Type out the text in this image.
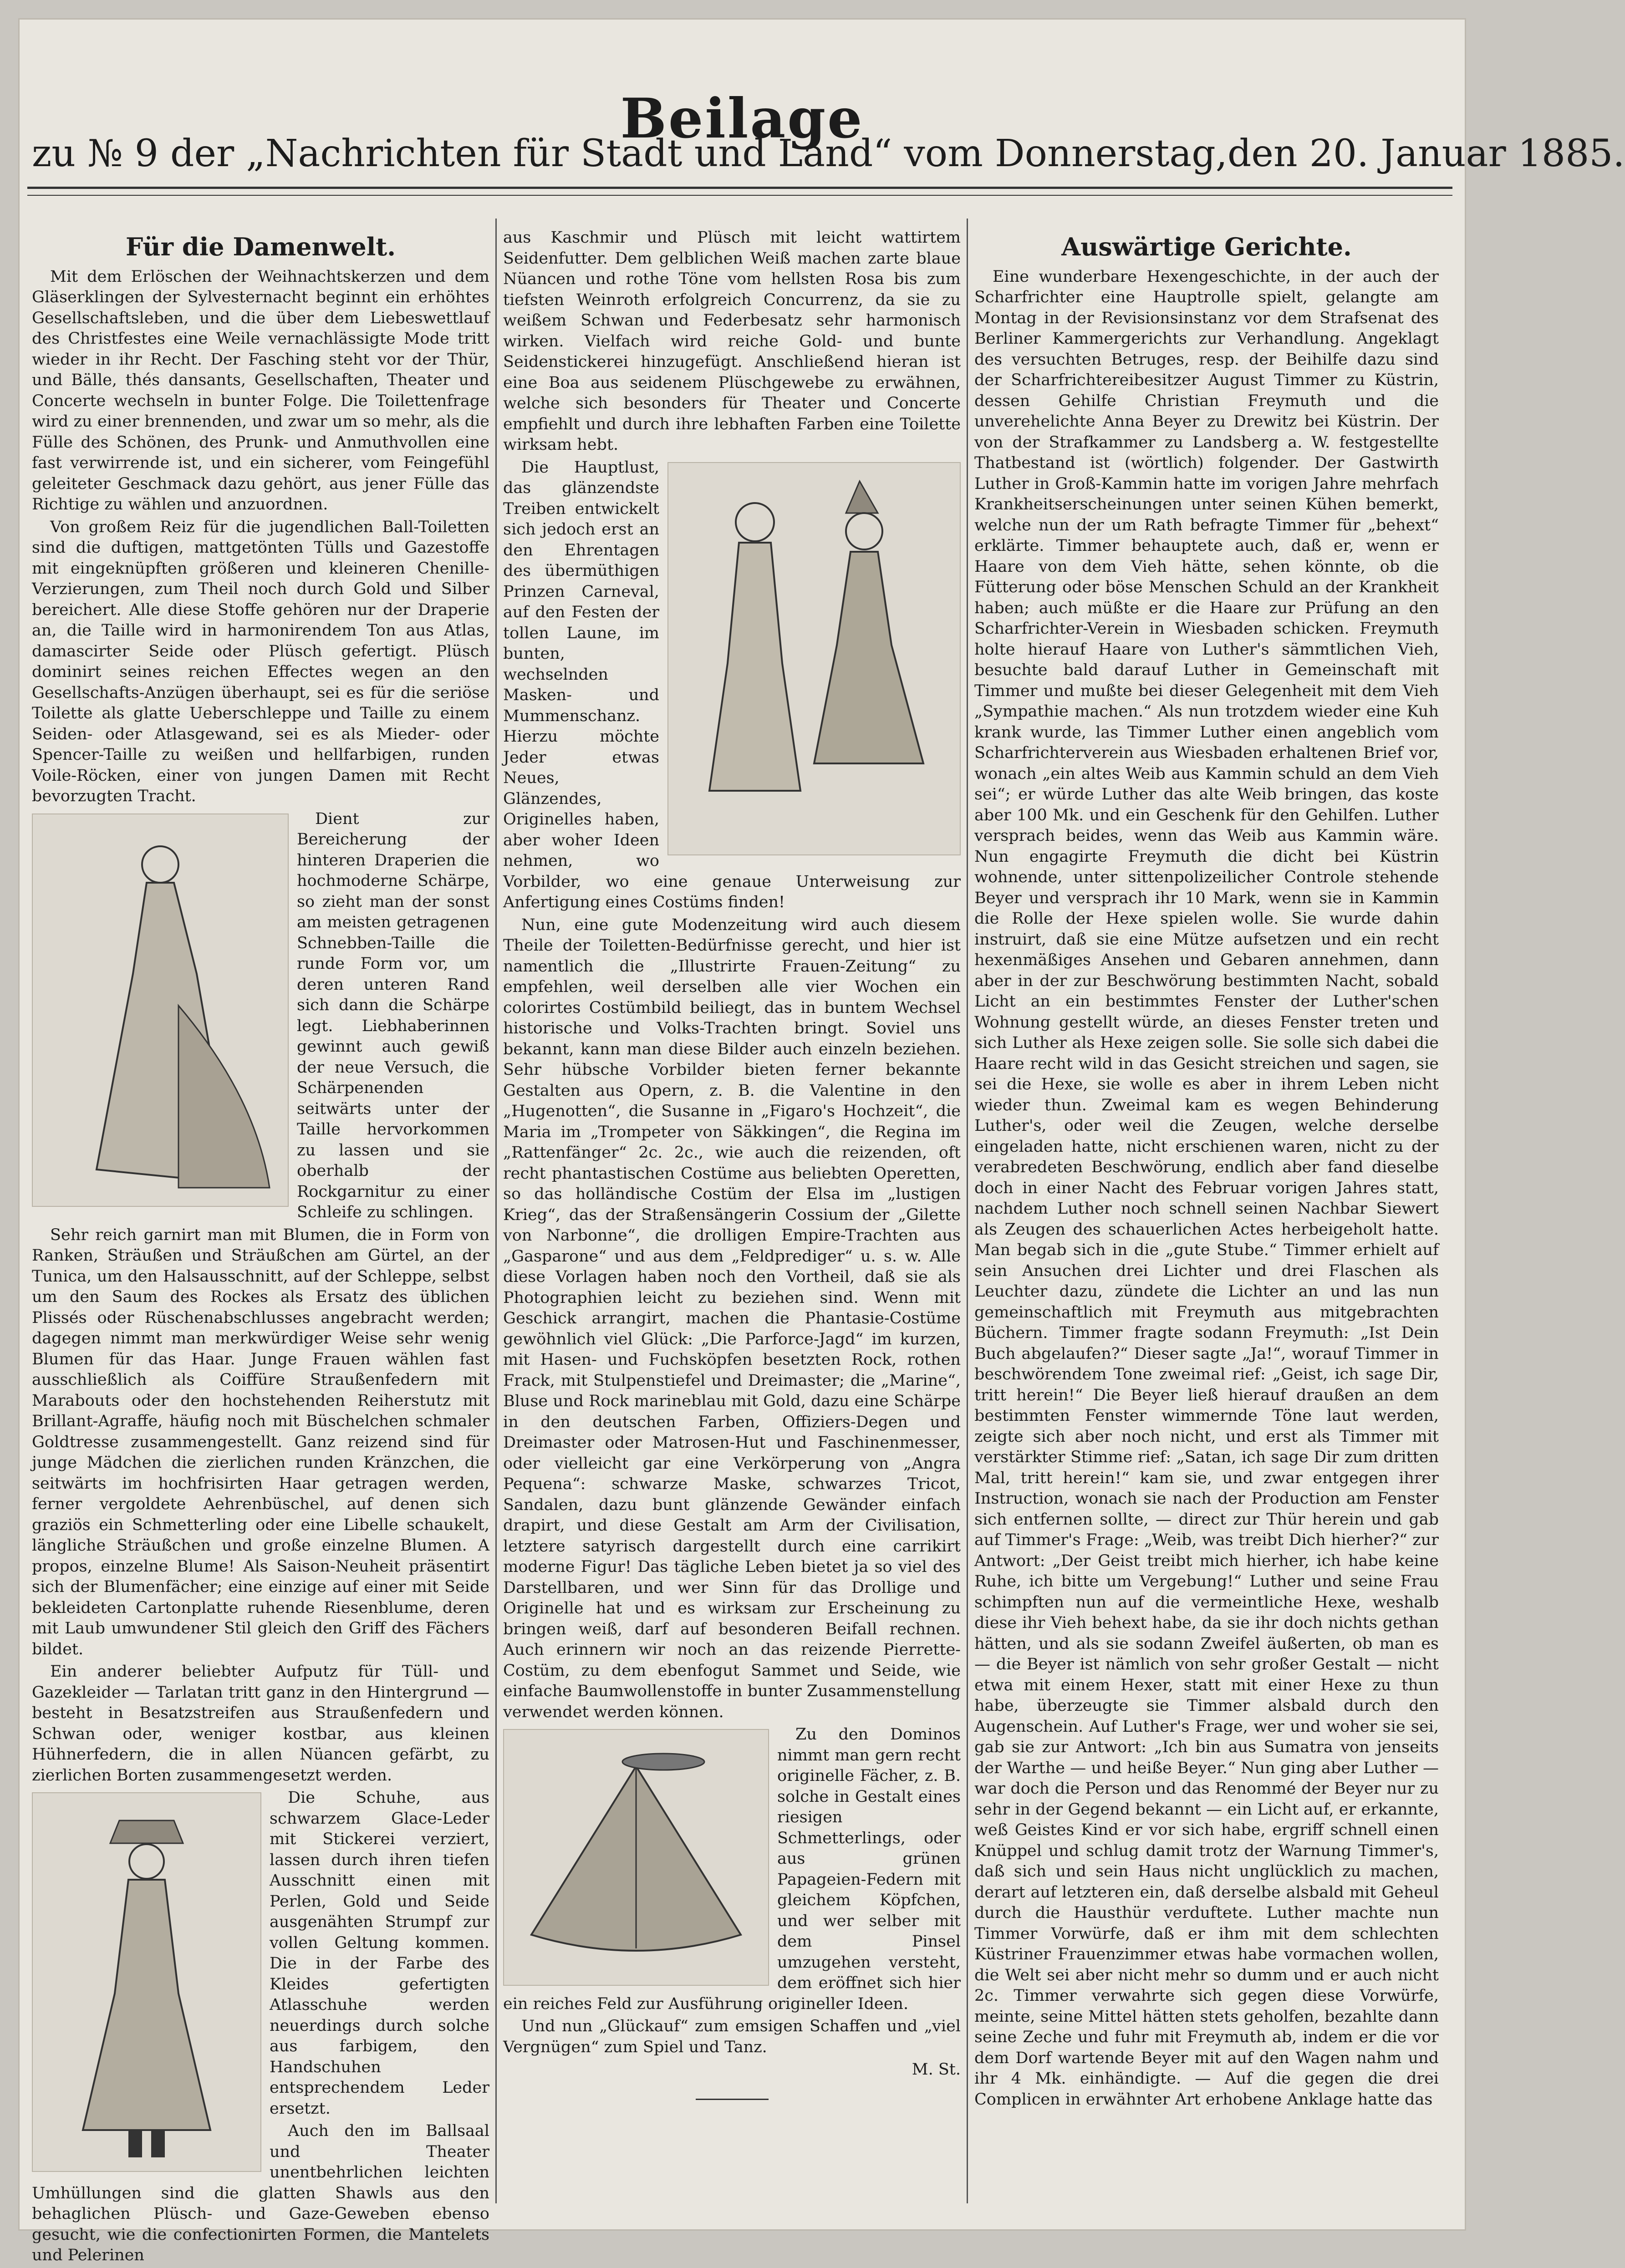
Beilage
zu № 9 der „Nachrichten für Stadt und Land“ vom Donnerstag, den 20. Januar 1885.
Für die Damenwelt.

Mit dem Erlöschen der Weihnachtskerzen und dem Gläserklingen der Sylvesternacht beginnt ein erhöhtes Gesellschaftsleben, und die über dem Liebeswettlauf des Christfestes eine Weile vernachlässigte Mode tritt wieder in ihr Recht. Der Fasching steht vor der Thür, und Bälle, thés dansants, Gesellschaften, Theater und Concerte wechseln in bunter Folge. Die Toilettenfrage wird zu einer brennenden, und zwar um so mehr, als die Fülle des Schönen, des Prunk- und Anmuthvollen eine fast verwirrende ist, und ein sicherer, vom Feingefühl geleiteter Geschmack dazu gehört, aus jener Fülle das Richtige zu wählen und anzuordnen.

Von großem Reiz für die jugendlichen Ball-Toiletten sind die duftigen, mattgetönten Tülls und Gazestoffe mit eingeknüpften größeren und kleineren Chenille-Verzierungen, zum Theil noch durch Gold und Silber bereichert. Alle diese Stoffe gehören nur der Draperie an, die Taille wird in harmonirendem Ton aus Atlas, damascirter Seide oder Plüsch gefertigt. Plüsch dominirt seines reichen Effectes wegen an den Gesellschafts-Anzügen überhaupt, sei es für die seriöse Toilette als glatte Ueberschleppe und Taille zu einem Seiden- oder Atlasgewand, sei es als Mieder- oder Spencer-Taille zu weißen und hellfarbigen, runden Voile-Röcken, einer von jungen Damen mit Recht bevorzugten Tracht.

Dient zur Bereicherung der hinteren Draperien die hochmoderne Schärpe, so zieht man der sonst am meisten getragenen Schnebben-Taille die runde Form vor, um deren unteren Rand sich dann die Schärpe legt. Liebhaberinnen gewinnt auch gewiß der neue Versuch, die Schärpenenden seitwärts unter der Taille hervorkommen zu lassen und sie oberhalb der Rockgarnitur zu einer Schleife zu schlingen.

Sehr reich garnirt man mit Blumen, die in Form von Ranken, Sträußen und Sträußchen am Gürtel, an der Tunica, um den Halsausschnitt, auf der Schleppe, selbst um den Saum des Rockes als Ersatz des üblichen Plissés oder Rüschenabschlusses angebracht werden; dagegen nimmt man merkwürdiger Weise sehr wenig Blumen für das Haar. Junge Frauen wählen fast ausschließlich als Coiffüre Straußenfedern mit Marabouts oder den hochstehenden Reiherstutz mit Brillant-Agraffe, häufig noch mit Büschelchen schmaler Goldtresse zusammengestellt. Ganz reizend sind für junge Mädchen die zierlichen runden Kränzchen, die seitwärts im hochfrisirten Haar getragen werden, ferner vergoldete Aehrenbüschel, auf denen sich graziös ein Schmetterling oder eine Libelle schaukelt, längliche Sträußchen und große einzelne Blumen. A propos, einzelne Blume! Als Saison-Neuheit präsentirt sich der Blumenfächer; eine einzige auf einer mit Seide bekleideten Cartonplatte ruhende Riesenblume, deren mit Laub umwundener Stil gleich den Griff des Fächers bildet.

Ein anderer beliebter Aufputz für Tüll- und Gazekleider — Tarlatan tritt ganz in den Hintergrund — besteht in Besatzstreifen aus Straußenfedern und Schwan oder, weniger kostbar, aus kleinen Hühnerfedern, die in allen Nüancen gefärbt, zu zierlichen Borten zusammengesetzt werden.

Die Schuhe, aus schwarzem Glace-Leder mit Stickerei verziert, lassen durch ihren tiefen Ausschnitt einen mit Perlen, Gold und Seide ausgenähten Strumpf zur vollen Geltung kommen. Die in der Farbe des Kleides gefertigten Atlasschuhe werden neuerdings durch solche aus farbigem, den Handschuhen entsprechendem Leder ersetzt.

Auch den im Ballsaal und Theater unentbehrlichen leichten Umhüllungen sind die glatten Shawls aus den behaglichen Plüsch- und Gaze-Geweben ebenso gesucht, wie die confectionirten Formen, die Mantelets und Pelerinen

aus Kaschmir und Plüsch mit leicht wattirtem Seidenfutter. Dem gelblichen Weiß machen zarte blaue Nüancen und rothe Töne vom hellsten Rosa bis zum tiefsten Weinroth erfolgreich Concurrenz, da sie zu weißem Schwan und Federbesatz sehr harmonisch wirken. Vielfach wird reiche Gold- und bunte Seidenstickerei hinzugefügt. Anschließend hieran ist eine Boa aus seidenem Plüschgewebe zu erwähnen, welche sich besonders für Theater und Concerte empfiehlt und durch ihre lebhaften Farben eine Toilette wirksam hebt.

Die Hauptlust, das glänzendste Treiben entwickelt sich jedoch erst an den Ehrentagen des übermüthigen Prinzen Carneval, auf den Festen der tollen Laune, im bunten, wechselnden Masken- und Mummenschanz. Hierzu möchte Jeder etwas Neues, Glänzendes, Originelles haben, aber woher Ideen nehmen, wo Vorbilder, wo eine genaue Unterweisung zur Anfertigung eines Costüms finden!

Nun, eine gute Modenzeitung wird auch diesem Theile der Toiletten-Bedürfnisse gerecht, und hier ist namentlich die „Illustrirte Frauen-Zeitung“ zu empfehlen, weil derselben alle vier Wochen ein colorirtes Costümbild beiliegt, das in buntem Wechsel historische und Volks-Trachten bringt. Soviel uns bekannt, kann man diese Bilder auch einzeln beziehen. Sehr hübsche Vorbilder bieten ferner bekannte Gestalten aus Opern, z. B. die Valentine in den „Hugenotten“, die Susanne in „Figaro's Hochzeit“, die Maria im „Trompeter von Säkkingen“, die Regina im „Rattenfänger“ 2c. 2c., wie auch die reizenden, oft recht phantastischen Costüme aus beliebten Operetten, so das holländische Costüm der Elsa im „lustigen Krieg“, das der Straßensängerin Cossium der „Gilette von Narbonne“, die drolligen Empire-Trachten aus „Gasparone“ und aus dem „Feldprediger“ u. s. w. Alle diese Vorlagen haben noch den Vortheil, daß sie als Photographien leicht zu beziehen sind. Wenn mit Geschick arrangirt, machen die Phantasie-Costüme gewöhnlich viel Glück: „Die Parforce-Jagd“ im kurzen, mit Hasen- und Fuchsköpfen besetzten Rock, rothen Frack, mit Stulpenstiefel und Dreimaster; die „Marine“, Bluse und Rock marineblau mit Gold, dazu eine Schärpe in den deutschen Farben, Offiziers-Degen und Dreimaster oder Matrosen-Hut und Faschinenmesser, oder vielleicht gar eine Verkörperung von „Angra Pequena“: schwarze Maske, schwarzes Tricot, Sandalen, dazu bunt glänzende Gewänder einfach drapirt, und diese Gestalt am Arm der Civilisation, letztere satyrisch dargestellt durch eine carrikirt moderne Figur! Das tägliche Leben bietet ja so viel des Darstellbaren, und wer Sinn für das Drollige und Originelle hat und es wirksam zur Erscheinung zu bringen weiß, darf auf besonderen Beifall rechnen. Auch erinnern wir noch an das reizende Pierrette-Costüm, zu dem ebenfogut Sammet und Seide, wie einfache Baumwollenstoffe in bunter Zusammenstellung verwendet werden können.

Zu den Dominos nimmt man gern recht originelle Fächer, z. B. solche in Gestalt eines riesigen Schmetterlings, oder aus grünen Papageien-Federn mit gleichem Köpfchen, und wer selber mit dem Pinsel umzugehen versteht, dem eröffnet sich hier ein reiches Feld zur Ausführung origineller Ideen.

Und nun „Glückauf“ zum emsigen Schaffen und „viel Vergnügen“ zum Spiel und Tanz.

M. St.
Auswärtige Gerichte.

Eine wunderbare Hexengeschichte, in der auch der Scharfrichter eine Hauptrolle spielt, gelangte am Montag in der Revisionsinstanz vor dem Strafsenat des Berliner Kammergerichts zur Verhandlung. Angeklagt des versuchten Betruges, resp. der Beihilfe dazu sind der Scharfrichtereibesitzer August Timmer zu Küstrin, dessen Gehilfe Christian Freymuth und die unverehelichte Anna Beyer zu Drewitz bei Küstrin. Der von der Strafkammer zu Landsberg a. W. festgestellte Thatbestand ist (wörtlich) folgender. Der Gastwirth Luther in Groß-Kammin hatte im vorigen Jahre mehrfach Krankheitserscheinungen unter seinen Kühen bemerkt, welche nun der um Rath befragte Timmer für „behext“ erklärte. Timmer behauptete auch, daß er, wenn er Haare von dem Vieh hätte, sehen könnte, ob die Fütterung oder böse Menschen Schuld an der Krankheit haben; auch müßte er die Haare zur Prüfung an den Scharfrichter-Verein in Wiesbaden schicken. Freymuth holte hierauf Haare von Luther's sämmtlichen Vieh, besuchte bald darauf Luther in Gemeinschaft mit Timmer und mußte bei dieser Gelegenheit mit dem Vieh „Sympathie machen.“ Als nun trotzdem wieder eine Kuh krank wurde, las Timmer Luther einen angeblich vom Scharfrichterverein aus Wiesbaden erhaltenen Brief vor, wonach „ein altes Weib aus Kammin schuld an dem Vieh sei“; er würde Luther das alte Weib bringen, das koste aber 100 Mk. und ein Geschenk für den Gehilfen. Luther versprach beides, wenn das Weib aus Kammin wäre. Nun engagirte Freymuth die dicht bei Küstrin wohnende, unter sittenpolizeilicher Controle stehende Beyer und versprach ihr 10 Mark, wenn sie in Kammin die Rolle der Hexe spielen wolle. Sie wurde dahin instruirt, daß sie eine Mütze aufsetzen und ein recht hexenmäßiges Ansehen und Gebaren annehmen, dann aber in der zur Beschwörung bestimmten Nacht, sobald Licht an ein bestimmtes Fenster der Luther'schen Wohnung gestellt würde, an dieses Fenster treten und sich Luther als Hexe zeigen solle. Sie solle sich dabei die Haare recht wild in das Gesicht streichen und sagen, sie sei die Hexe, sie wolle es aber in ihrem Leben nicht wieder thun. Zweimal kam es wegen Behinderung Luther's, oder weil die Zeugen, welche derselbe eingeladen hatte, nicht erschienen waren, nicht zu der verabredeten Beschwörung, endlich aber fand dieselbe doch in einer Nacht des Februar vorigen Jahres statt, nachdem Luther noch schnell seinen Nachbar Siewert als Zeugen des schauerlichen Actes herbeigeholt hatte. Man begab sich in die „gute Stube.“ Timmer erhielt auf sein Ansuchen drei Lichter und drei Flaschen als Leuchter dazu, zündete die Lichter an und las nun gemeinschaftlich mit Freymuth aus mitgebrachten Büchern. Timmer fragte sodann Freymuth: „Ist Dein Buch abgelaufen?“ Dieser sagte „Ja!“, worauf Timmer in beschwörendem Tone zweimal rief: „Geist, ich sage Dir, tritt herein!“ Die Beyer ließ hierauf draußen an dem bestimmten Fenster wimmernde Töne laut werden, zeigte sich aber noch nicht, und erst als Timmer mit verstärkter Stimme rief: „Satan, ich sage Dir zum dritten Mal, tritt herein!“ kam sie, und zwar entgegen ihrer Instruction, wonach sie nach der Production am Fenster sich entfernen sollte, — direct zur Thür herein und gab auf Timmer's Frage: „Weib, was treibt Dich hierher?“ zur Antwort: „Der Geist treibt mich hierher, ich habe keine Ruhe, ich bitte um Vergebung!“ Luther und seine Frau schimpften nun auf die vermeintliche Hexe, weshalb diese ihr Vieh behext habe, da sie ihr doch nichts gethan hätten, und als sie sodann Zweifel äußerten, ob man es — die Beyer ist nämlich von sehr großer Gestalt — nicht etwa mit einem Hexer, statt mit einer Hexe zu thun habe, überzeugte sie Timmer alsbald durch den Augenschein. Auf Luther's Frage, wer und woher sie sei, gab sie zur Antwort: „Ich bin aus Sumatra von jenseits der Warthe — und heiße Beyer.“ Nun ging aber Luther — war doch die Person und das Renommé der Beyer nur zu sehr in der Gegend bekannt — ein Licht auf, er erkannte, weß Geistes Kind er vor sich habe, ergriff schnell einen Knüppel und schlug damit trotz der Warnung Timmer's, daß sich und sein Haus nicht unglücklich zu machen, derart auf letzteren ein, daß derselbe alsbald mit Geheul durch die Hausthür verduftete. Luther machte nun Timmer Vorwürfe, daß er ihm mit dem schlechten Küstriner Frauenzimmer etwas habe vormachen wollen, die Welt sei aber nicht mehr so dumm und er auch nicht 2c. Timmer verwahrte sich gegen diese Vorwürfe, meinte, seine Mittel hätten stets geholfen, bezahlte dann seine Zeche und fuhr mit Freymuth ab, indem er die vor dem Dorf wartende Beyer mit auf den Wagen nahm und ihr 4 Mk. einhändigte. — Auf die gegen die drei Complicen in erwähnter Art erhobene Anklage hatte das
